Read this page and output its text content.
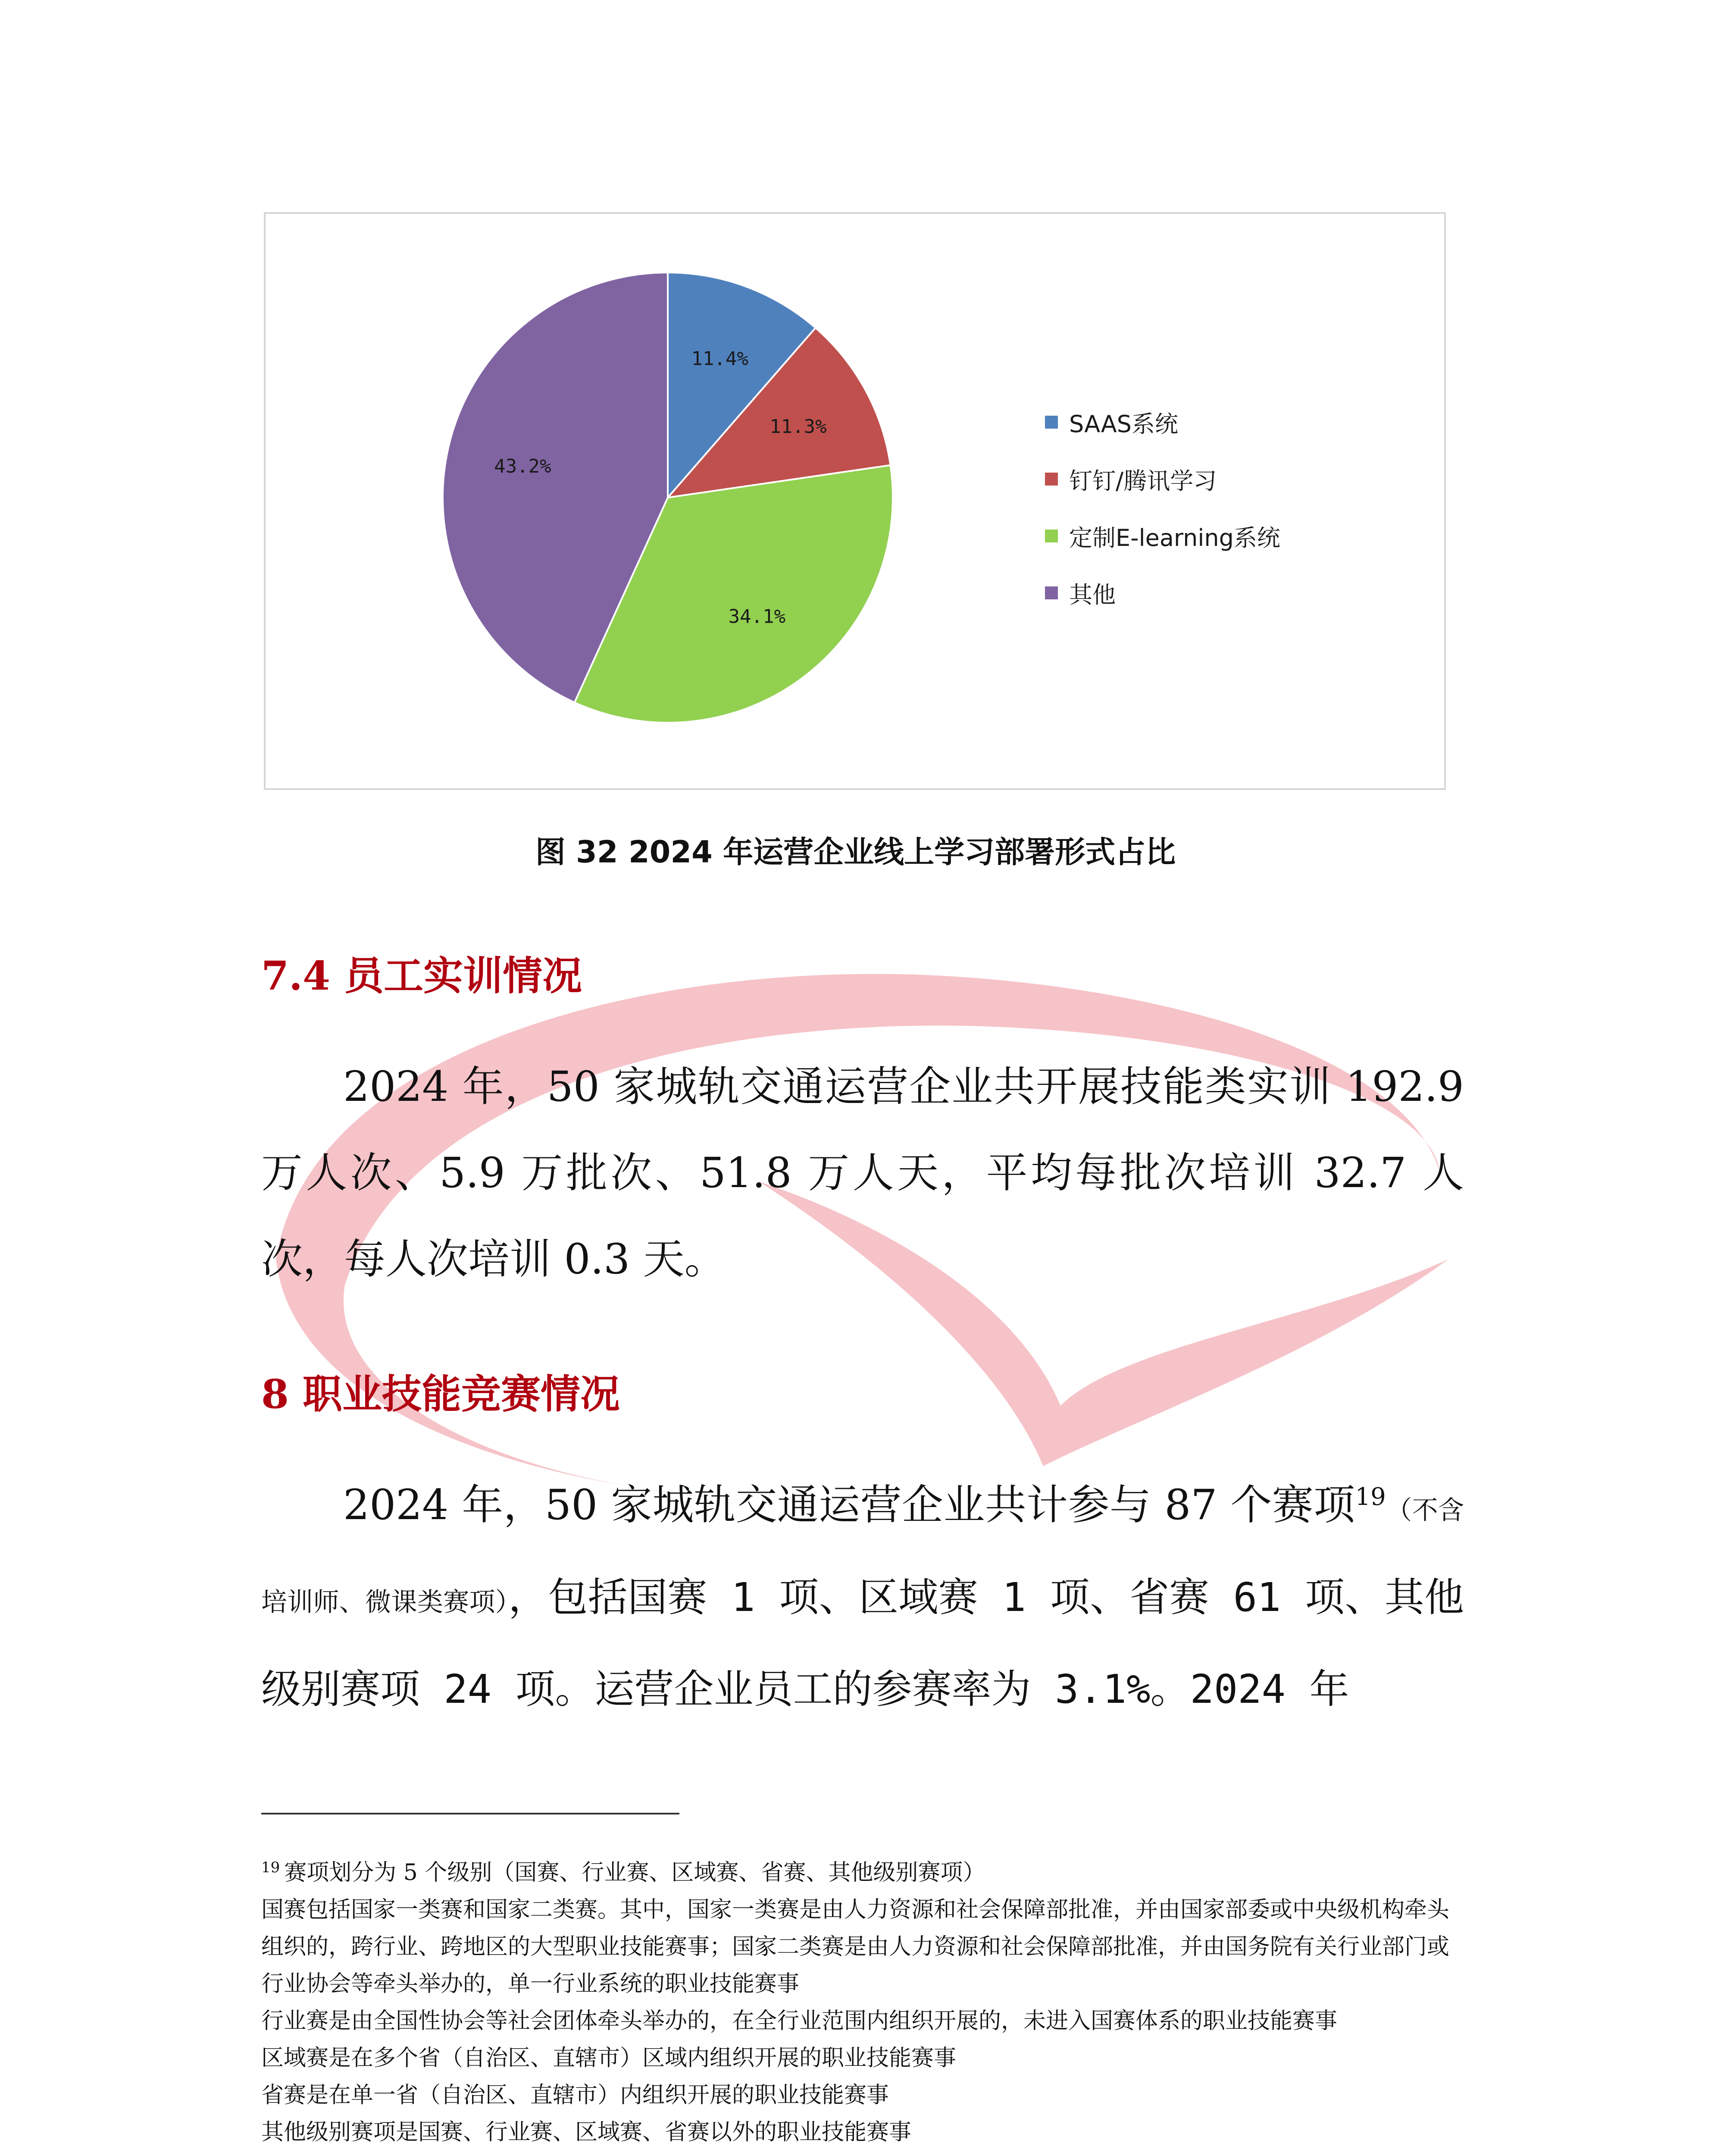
11.4%
11.3%
34.1%
43.2%
SAAS系统
钉钉/腾讯学习
定制E-learning系统
其他
图 32 2024 年运营企业线上学习部署形式占比
7.4 员工实训情况
2024 年，50 家城轨交通运营企业共开展技能类实训 192.9 万人次、5.9 万批次、51.8 万人天，平均每批次培训 32.7 人次，每人次培训 0.3 天。
8 职业技能竞赛情况
2024 年，50 家城轨交通运营企业共计参与 87 个赛项$^{19}$（不含培训师、微课类赛项），包括国赛 1 项、区域赛 1 项、省赛 61 项、其他级别赛项 24 项。运营企业员工的参赛率为 3.1%。2024 年
$^{19}$ 赛项划分为 5 个级别（国赛、行业赛、区域赛、省赛、其他级别赛项）
国赛包括国家一类赛和国家二类赛。其中，国家一类赛是由人力资源和社会保障部批准，并由国家部委或中央级机构牵头组织的，跨行业、跨地区的大型职业技能赛事；国家二类赛是由人力资源和社会保障部批准，并由国务院有关行业部门或行业协会等牵头举办的，单一行业系统的职业技能赛事
行业赛是由全国性协会等社会团体牵头举办的，在全行业范围内组织开展的，未进入国赛体系的职业技能赛事
区域赛是在多个省（自治区、直辖市）区域内组织开展的职业技能赛事
省赛是在单一省（自治区、直辖市）内组织开展的职业技能赛事
其他级别赛项是国赛、行业赛、区域赛、省赛以外的职业技能赛事
